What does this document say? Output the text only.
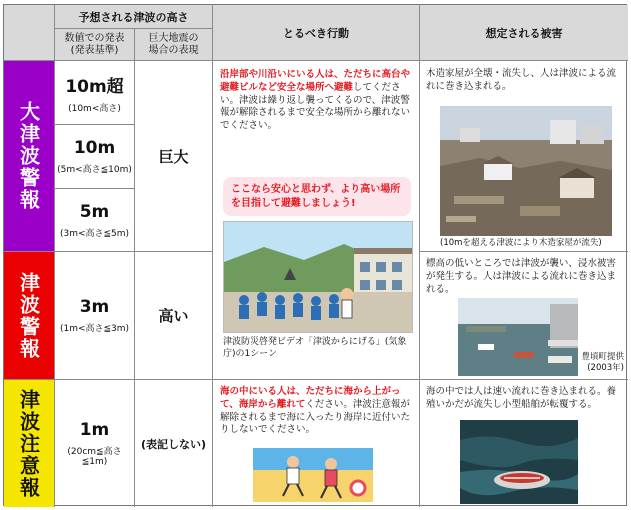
予想される津波の高さ
数値での発表
(発表基準)
巨大地震の
場合の表現
とるべき行動	想定される被害
大津波警報
津波警報
津波注意報
10m超
(10m<高さ)
10m
(5m<高さ≦10m)
5m
(3m<高さ≦5m)
3m
(1m<高さ≦3m)
1m
(20cm≦高さ≦1m)
巨大
高い
(表記しない)
沿岸部や川沿いにいる人は、ただちに高台や避難ビルなど安全な場所へ避難してください。津波は繰り返し襲ってくるので、津波警報が解除されるまで安全な場所から離れないでください。
ここなら安心と思わず、より高い場所を目指して避難しましょう!
津波防災啓発ビデオ「津波からにげる」(気象庁)の1シーン
海の中にいる人は、ただちに海から上がって、海岸から離れてください。津波注意報が解除されるまで海に入ったり海岸に近付いたりしないでください。
木造家屋が全壊・流失し、人は津波による流れに巻き込まれる。
(10mを超える津波により木造家屋が流失)
標高の低いところでは津波が襲い、浸水被害が発生する。人は津波による流れに巻き込まれる。
豊頃町提供
(2003年)
海の中では人は速い流れに巻き込まれる。養殖いかだが流失し小型船舶が転覆する。
